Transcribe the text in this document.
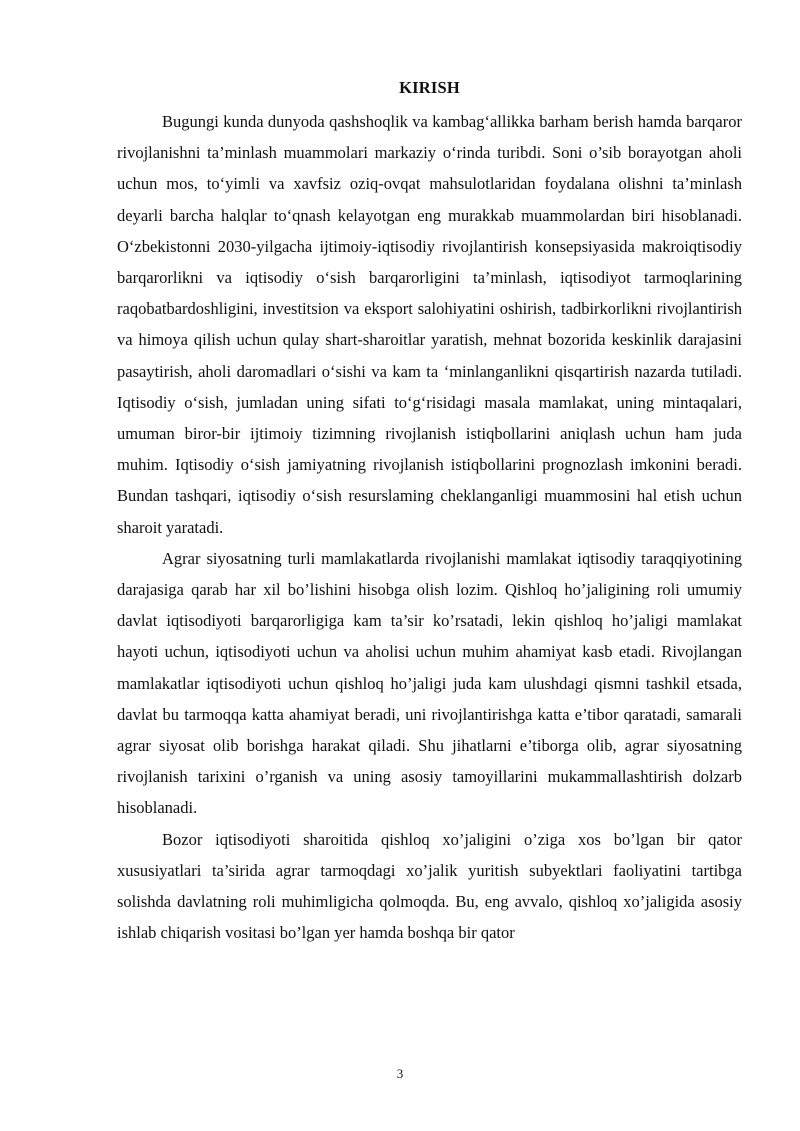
KIRISH

Bugungi kunda dunyoda qashshoqlik va kambag‘allikka barham berish hamda barqaror rivojlanishni ta’minlash muammolari markaziy o‘rinda turibdi. Soni o’sib borayotgan aholi uchun mos, to‘yimli va xavfsiz oziq-ovqat mahsulotlaridan foydalana olishni ta’minlash deyarli barcha halqlar to‘qnash kelayotgan eng murakkab muammolardan biri hisoblanadi. O‘zbekistonni 2030-yilgacha ijtimoiy-iqtisodiy rivojlantirish konsepsiyasida makroiqtisodiy barqarorlikni va iqtisodiy o‘sish barqarorligini ta’minlash, iqtisodiyot tarmoqlarining raqobatbardoshligini, investitsion va eksport salohiyatini oshirish, tadbirkorlikni rivojlantirish va himoya qilish uchun qulay shart-sharoitlar yaratish, mehnat bozorida keskinlik darajasini pasaytirish, aholi daromadlari o‘sishi va kam ta ‘minlanganlikni qisqartirish nazarda tutiladi. Iqtisodiy o‘sish, jumladan uning sifati to‘g‘risidagi masala mamlakat, uning mintaqalari, umuman biror-bir ijtimoiy tizimning rivojlanish istiqbollarini aniqlash uchun ham juda muhim. Iqtisodiy o‘sish jamiyatning rivojlanish istiqbollarini prognozlash imkonini beradi. Bundan tashqari, iqtisodiy o‘sish resurslaming cheklanganligi muammosini hal etish uchun sharoit yaratadi.

Agrar siyosatning turli mamlakatlarda rivojlanishi mamlakat iqtisodiy taraqqiyotining darajasiga qarab har xil bo’lishini hisobga olish lozim. Qishloq ho’jaligining roli umumiy davlat iqtisodiyoti barqarorligiga kam ta’sir ko’rsatadi, lekin qishloq ho’jaligi mamlakat hayoti uchun, iqtisodiyoti uchun va aholisi uchun muhim ahamiyat kasb etadi. Rivojlangan mamlakatlar iqtisodiyoti uchun qishloq ho’jaligi juda kam ulushdagi qismni tashkil etsada, davlat bu tarmoqqa katta ahamiyat beradi, uni rivojlantirishga katta e’tibor qaratadi, samarali agrar siyosat olib borishga harakat qiladi. Shu jihatlarni e’tiborga olib, agrar siyosatning rivojlanish tarixini o’rganish va uning asosiy tamoyillarini mukammallashtirish dolzarb hisoblanadi.

Bozor iqtisodiyoti sharoitida qishloq xo’jaligini o’ziga xos bo’lgan bir qator xususiyatlari ta’sirida agrar tarmoqdagi xo’jalik yuritish subyektlari faoliyatini tartibga solishda davlatning roli muhimligicha qolmoqda. Bu, eng avvalo, qishloq xo’jaligida asosiy ishlab chiqarish vositasi bo’lgan yer hamda boshqa bir qator

3
